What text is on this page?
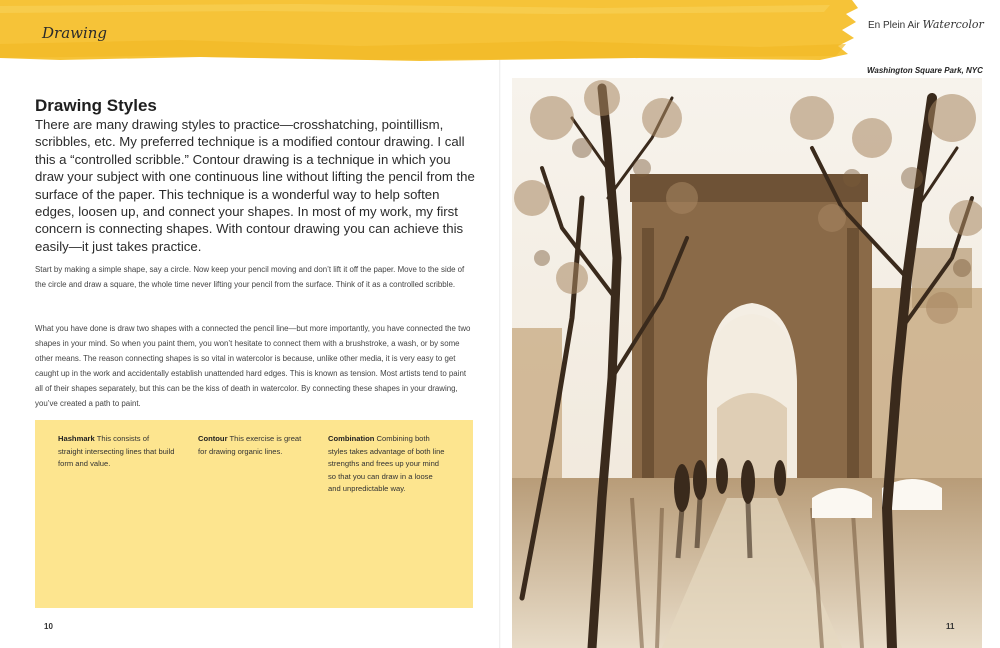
Drawing	En Plein Air Watercolor
Drawing Styles

There are many drawing styles to practice—crosshatching, pointillism, scribbles, etc. My preferred technique is a modified contour drawing. I call this a “controlled scribble.” Contour drawing is a technique in which you draw your subject with one continuous line without lifting the pencil from the surface of the paper. This technique is a wonderful way to help soften edges, loosen up, and connect your shapes. In most of my work, my first concern is connecting shapes. With contour drawing you can achieve this easily—it just takes practice.

Start by making a simple shape, say a circle. Now keep your pencil moving and don’t lift it off the paper. Move to the side of the circle and draw a square, the whole time never lifting your pencil from the surface. Think of it as a controlled scribble.

What you have done is draw two shapes with a connected the pencil line—but more importantly, you have connected the two shapes in your mind. So when you paint them, you won’t hesitate to connect them with a brushstroke, a wash, or by some other means. The reason connecting shapes is so vital in watercolor is because, unlike other media, it is very easy to get caught up in the work and accidentally establish unattended hard edges. This is known as tension. Most artists tend to paint all of their shapes separately, but this can be the kiss of death in watercolor. By connecting these shapes in your drawing, you’ve created a path to paint.

Hashmark This consists of straight intersecting lines that build form and value.

Contour This exercise is great for drawing organic lines.

Combination Combining both styles takes advantage of both line strengths and frees up your mind so that you can draw in a loose and unpredictable way.

10
Washington Square Park, NYC
11
